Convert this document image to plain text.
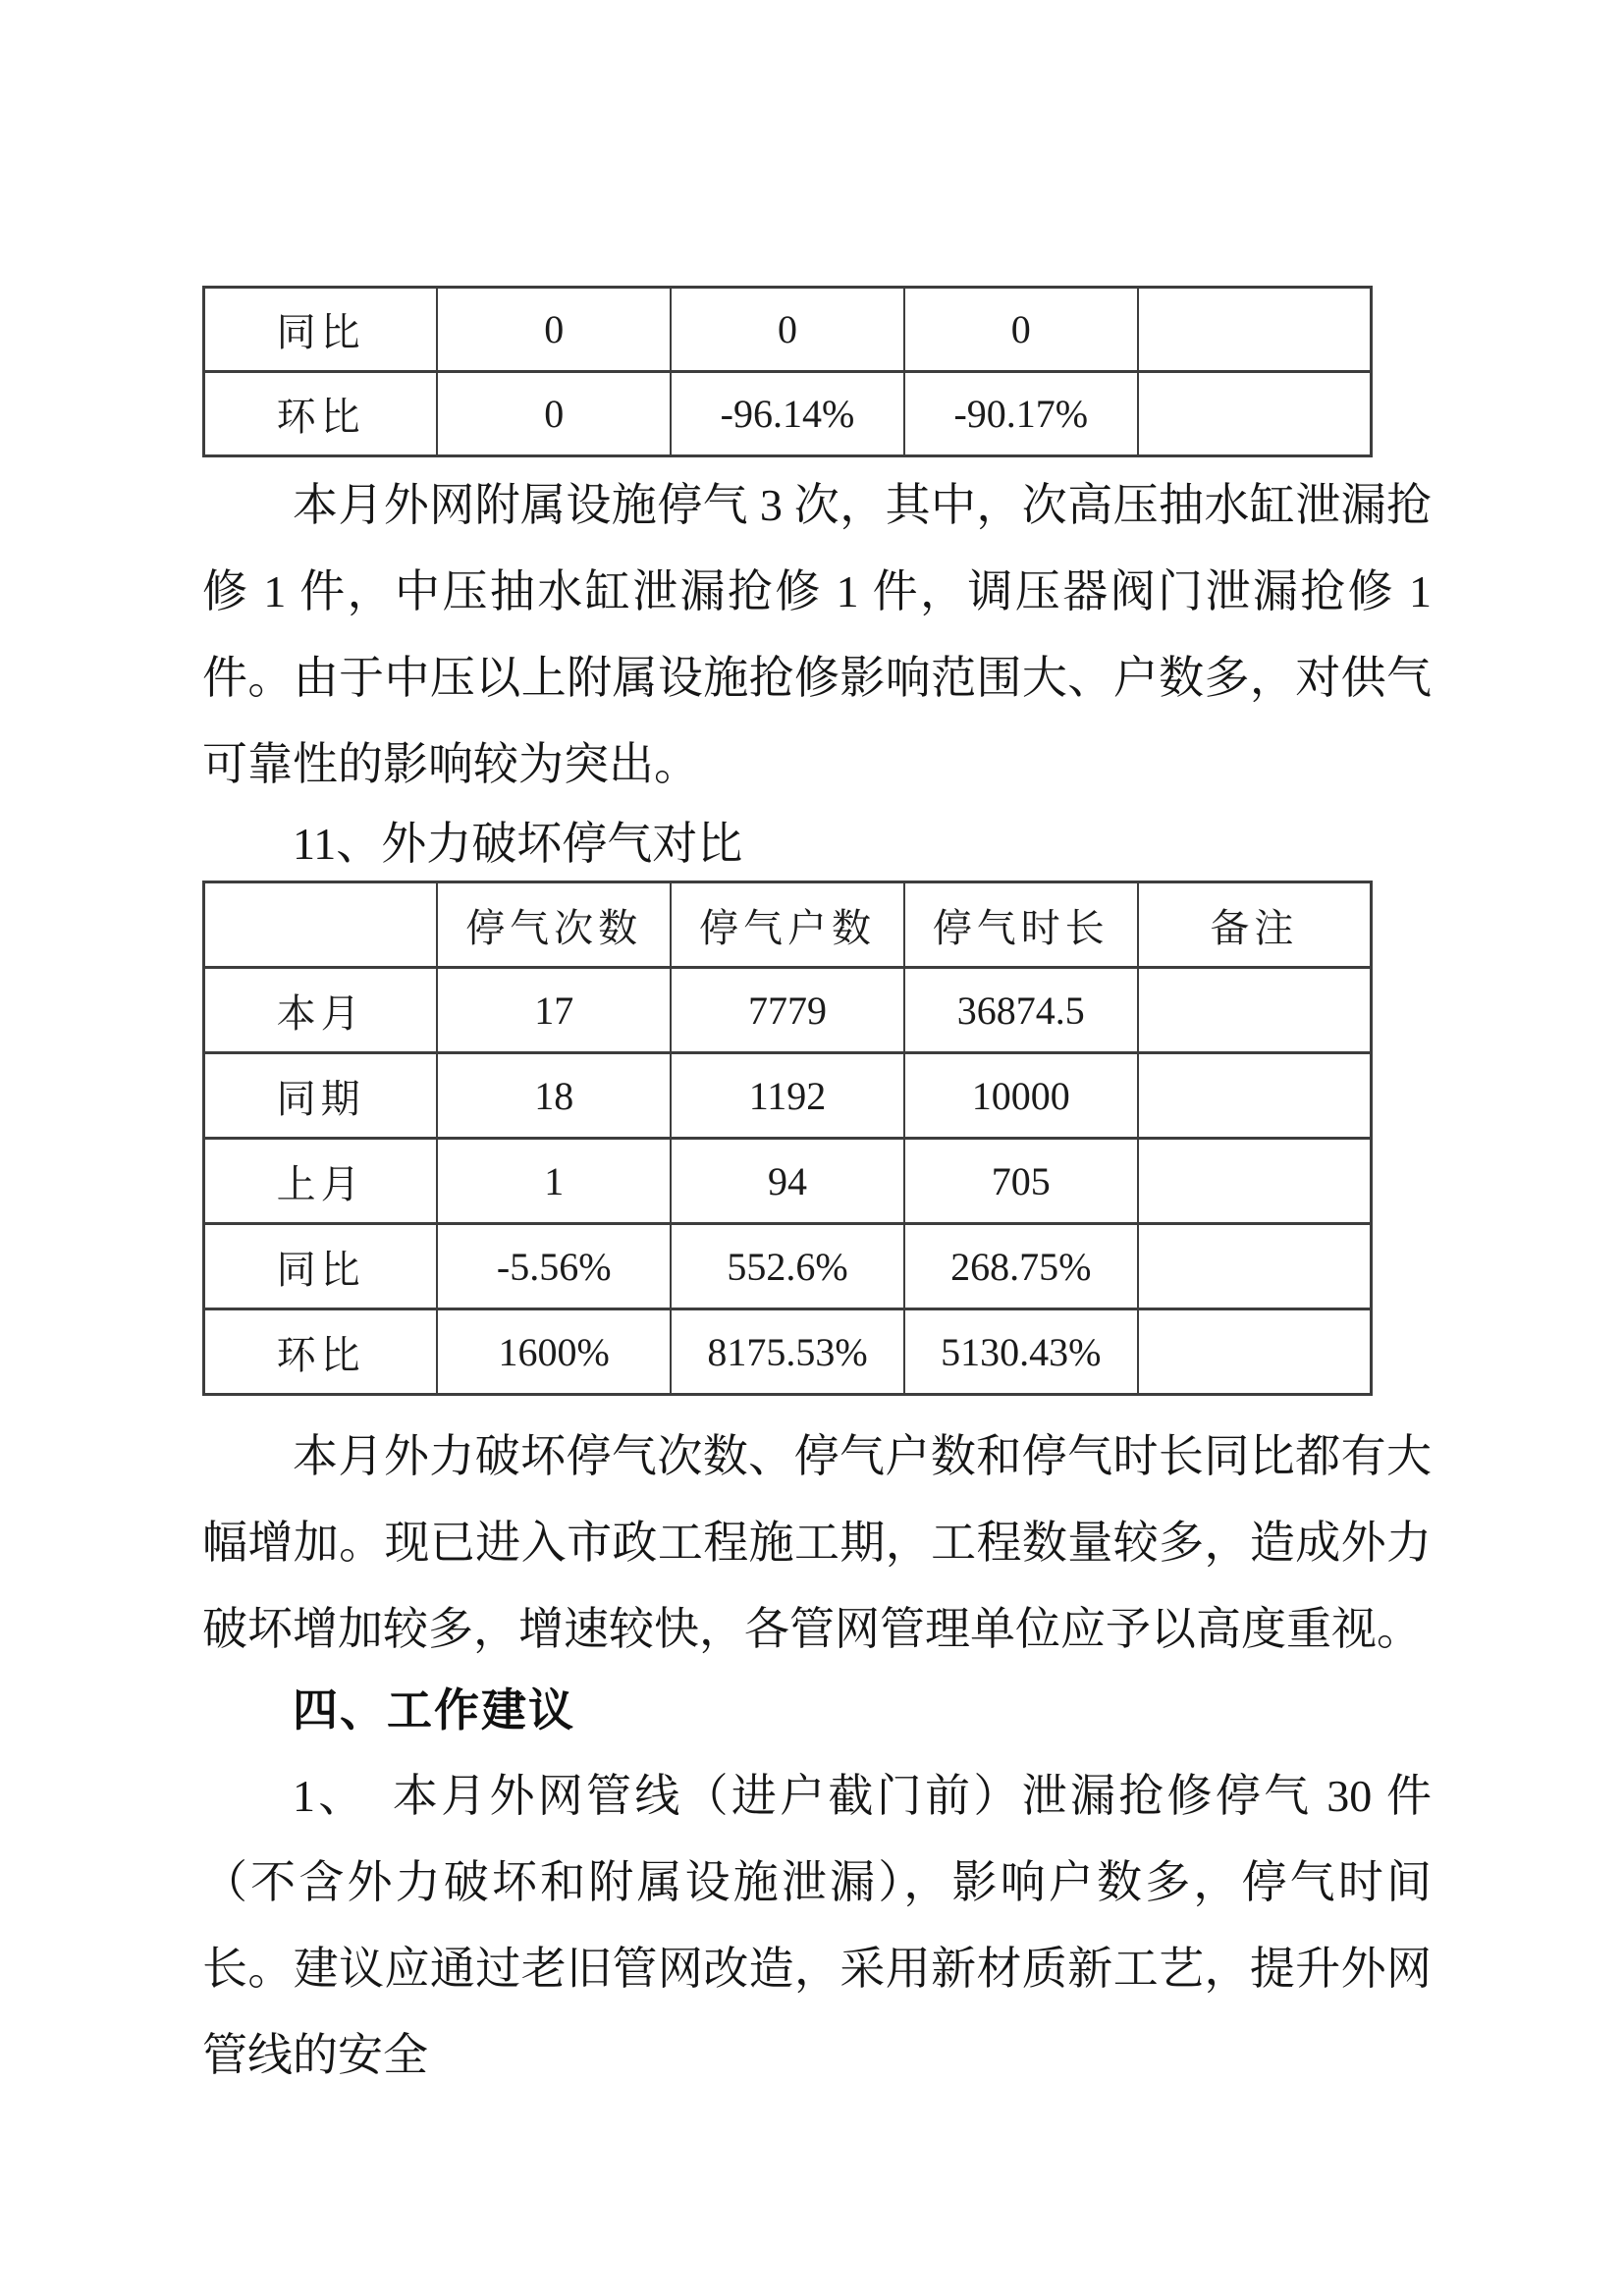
同比	0	0	0	
环比	0	-96.14%	-90.17%	

本月外网附属设施停气 3 次，其中，次高压抽水缸泄漏抢修 1 件，中压抽水缸泄漏抢修 1 件，调压器阀门泄漏抢修 1 件。由于中压以上附属设施抢修影响范围大、户数多，对供气可靠性的影响较为突出。

11、外力破坏停气对比
	停气次数	停气户数	停气时长	备注
本月	17	7779	36874.5	
同期	18	1192	10000	
上月	1	94	705	
同比	-5.56%	552.6%	268.75%	
环比	1600%	8175.53%	5130.43%	

本月外力破坏停气次数、停气户数和停气时长同比都有大幅增加。现已进入市政工程施工期，工程数量较多，造成外力破坏增加较多，增速较快，各管网管理单位应予以高度重视。

四、工作建议

1、　本月外网管线（进户截门前）泄漏抢修停气 30 件（不含外力破坏和附属设施泄漏），影响户数多，停气时间长。建议应通过老旧管网改造，采用新材质新工艺，提升外网管线的安全
